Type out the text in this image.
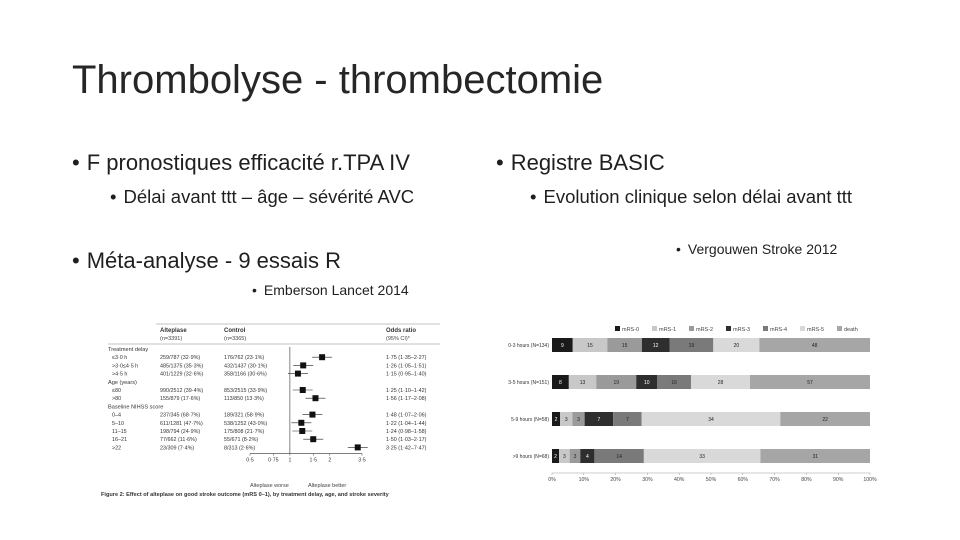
Thrombolyse - thrombectomie
• F pronostiques efficacité r.TPA IV
• Délai avant ttt – âge – sévérité AVC
• Méta-analyse - 9 essais R
• Emberson Lancet 2014
• Registre BASIC
• Evolution clinique selon délai avant ttt
• Vergouwen Stroke 2012
Alteplase
(n=3391)
Control
(n=3365)
Odds ratio
(95% CI)*
Treatment delay
≤3·0 h	259/787 (32·9%)	176/762 (23·1%)	1·75 (1·35–2·27)
>3·0≤4·5 h	485/1375 (35·3%)	432/1437 (30·1%)	1·26 (1·05–1·51)
>4·5 h	401/1229 (32·6%)	358/1166 (30·6%)	1·15 (0·95–1·40)
Age (years)
≤80	990/2512 (39·4%)	853/2515 (33·9%)	1·25 (1·10–1·42)
>80	155/879 (17·6%)	113/850 (13·3%)	1·56 (1·17–2·08)
Baseline NIHSS score
0–4	237/345 (68·7%)	189/321 (58·9%)	1·48 (1·07–2·06)
5–10	611/1281 (47·7%)	538/1252 (43·0%)	1·22 (1·04–1·44)
11–15	198/794 (24·9%)	175/808 (21·7%)	1·24 (0·98–1·58)
16–21	77/662 (11·6%)	55/671 (8·2%)	1·50 (1·03–2·17)
>22	23/309 (7·4%)	8/313 (2·6%)	3·25 (1·42–7·47)
0·5	0·75 1	1·5 2	3·5
Alteplase worse	Alteplase better
Figure 2: Effect of alteplase on good stroke outcome (mRS 0–1), by treatment delay, age, and stroke severity
mRS-0	mRS-1	mRS-2	mRS-3	mRS-4	mRS-5	death
0-3 hours (N=134) 9	15	15	12	19	20	48
3-5 hours (N=151) 8	13	19	10	16	28	57
5-9 hours (N=58) 2 3 3	7	7	34	22
>9 hours (N=68) 2 3 3 4	14	33	31
0%	10%	20%	30%	40%	50%	60%	70%	80%	90%	100%
